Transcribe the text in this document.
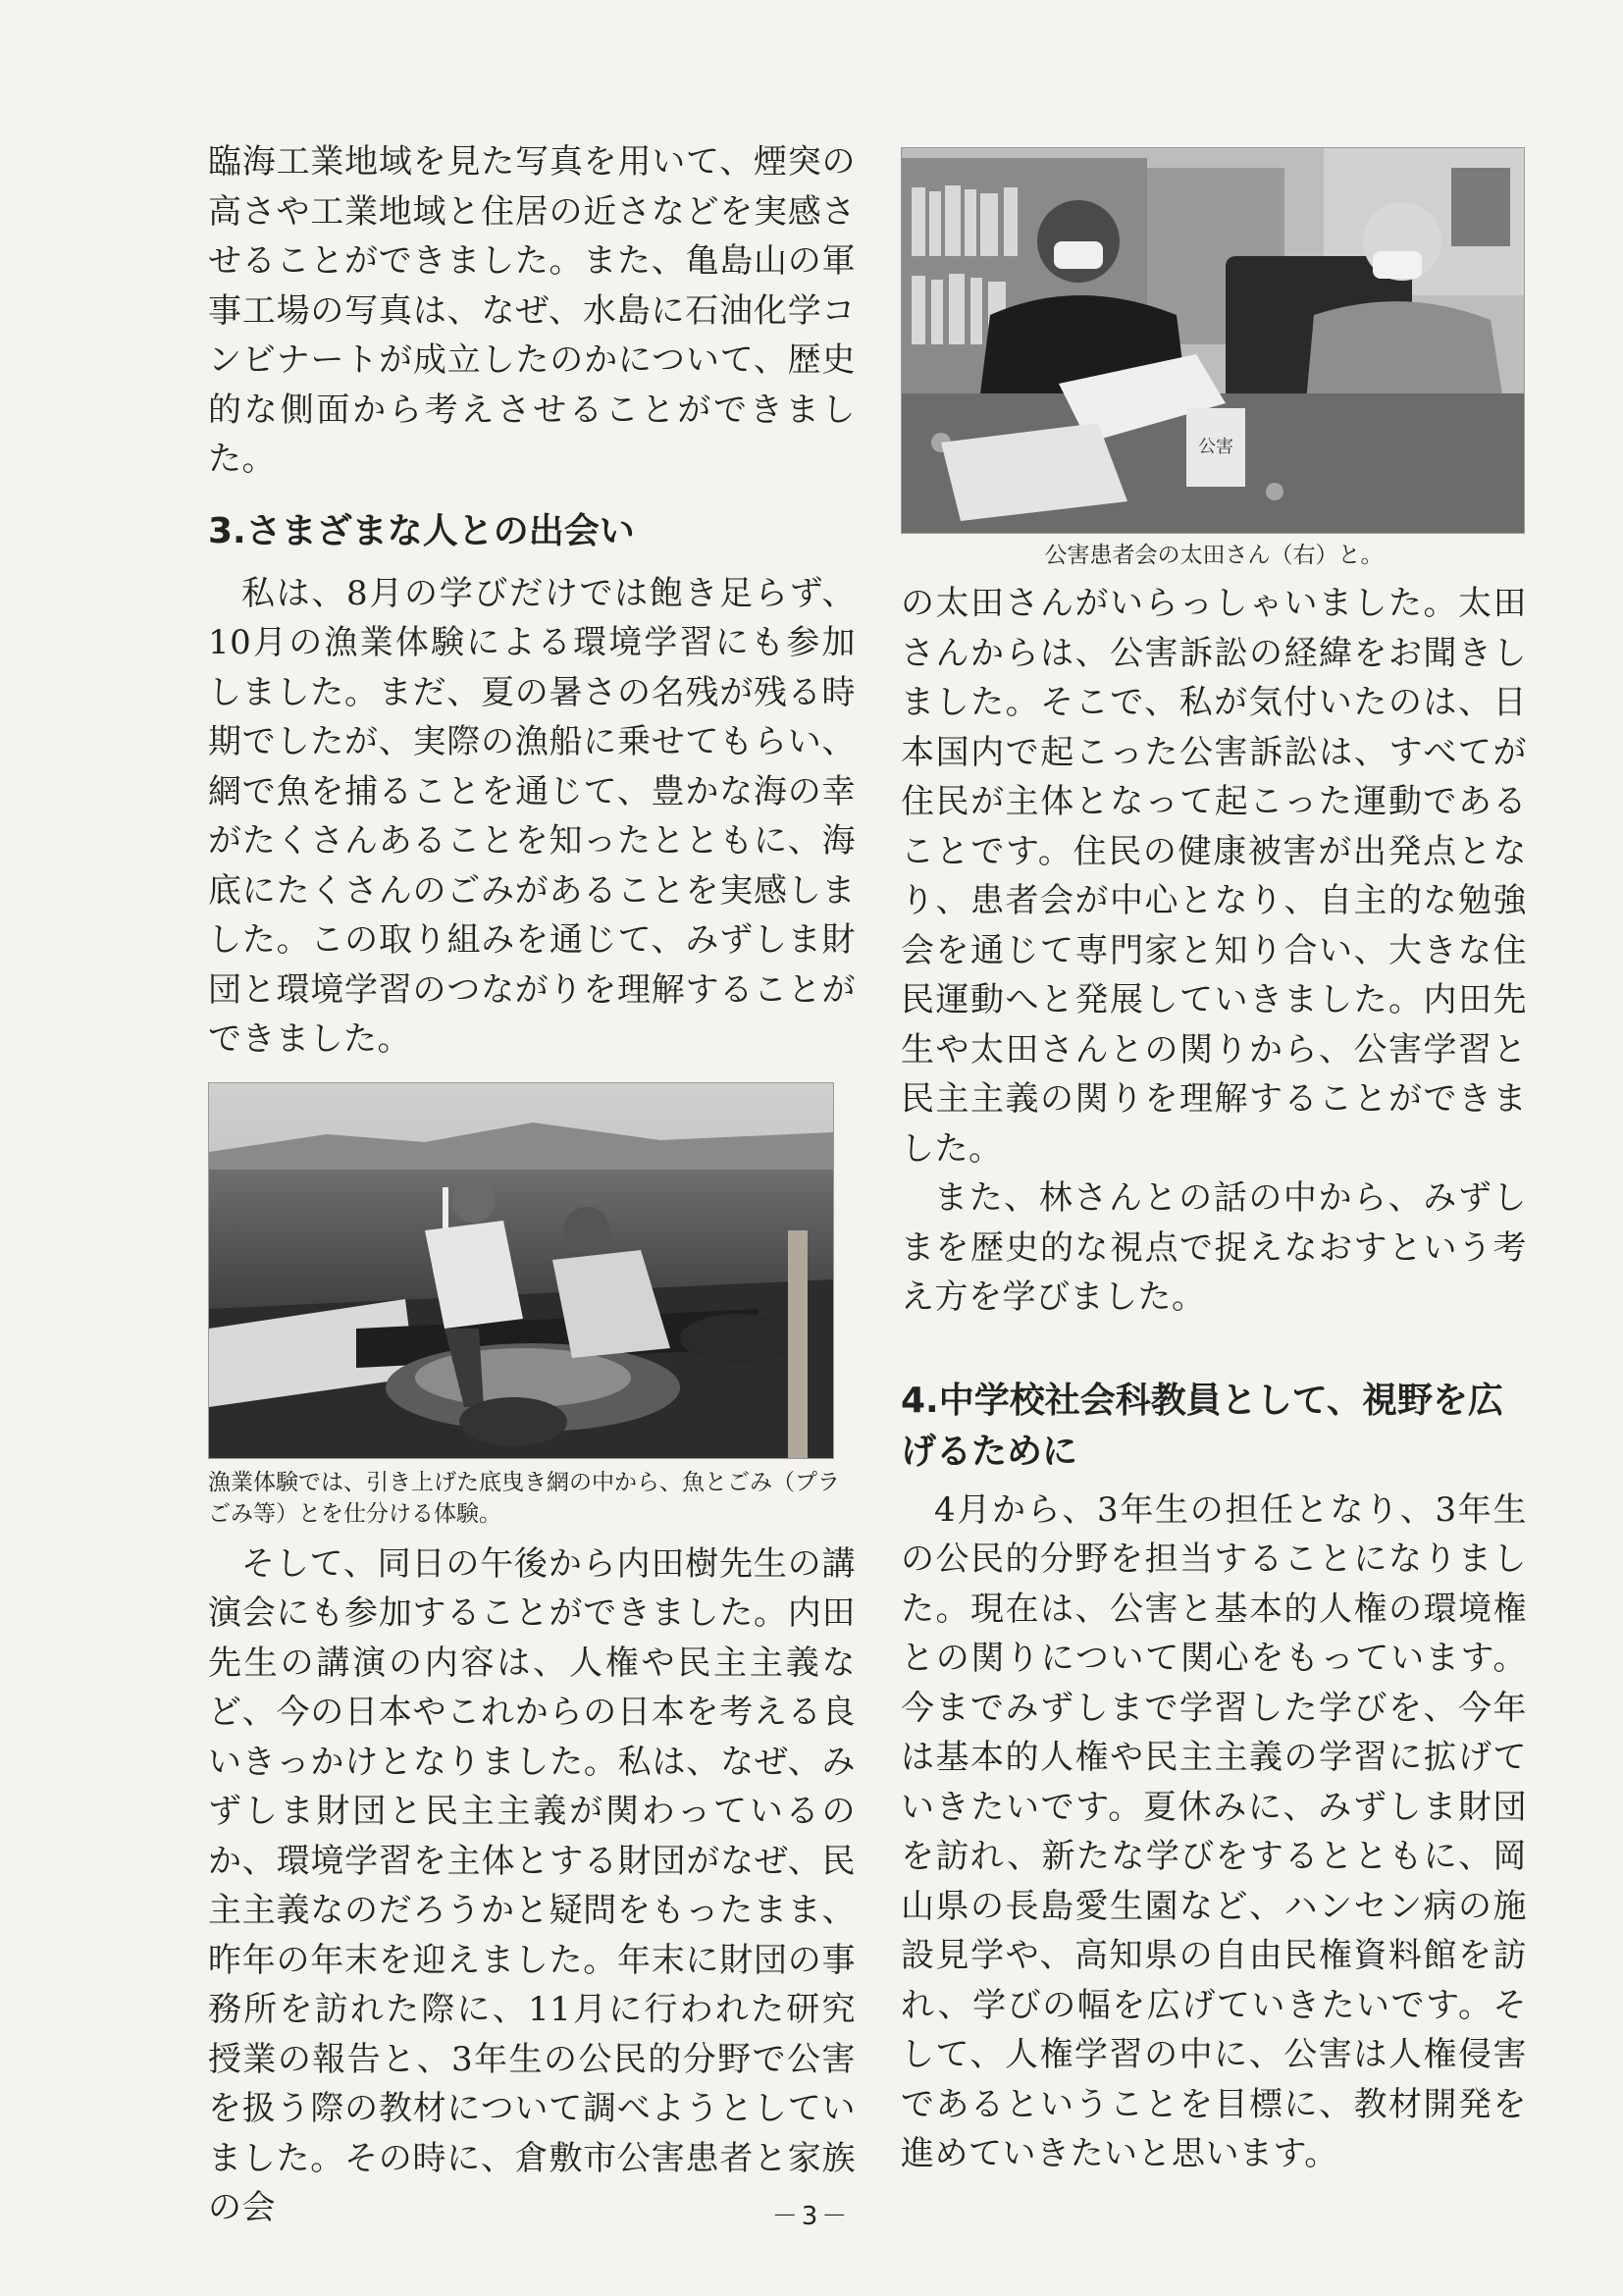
臨海工業地域を見た写真を用いて、煙突の高さや工業地域と住居の近さなどを実感させることができました。また、亀島山の軍事工場の写真は、なぜ、水島に石油化学コンビナートが成立したのかについて、歴史的な側面から考えさせることができました。

3.さまざまな人との出会い

私は、8月の学びだけでは飽き足らず、10月の漁業体験による環境学習にも参加しました。まだ、夏の暑さの名残が残る時期でしたが、実際の漁船に乗せてもらい、網で魚を捕ることを通じて、豊かな海の幸がたくさんあることを知ったとともに、海底にたくさんのごみがあることを実感しました。この取り組みを通じて、みずしま財団と環境学習のつながりを理解することができました。

漁業体験では、引き上げた底曳き網の中から、魚とごみ（プラごみ等）とを仕分ける体験。

そして、同日の午後から内田樹先生の講演会にも参加することができました。内田先生の講演の内容は、人権や民主主義など、今の日本やこれからの日本を考える良いきっかけとなりました。私は、なぜ、みずしま財団と民主主義が関わっているのか、環境学習を主体とする財団がなぜ、民主主義なのだろうかと疑問をもったまま、昨年の年末を迎えました。年末に財団の事務所を訪れた際に、11月に行われた研究授業の報告と、3年生の公民的分野で公害を扱う際の教材について調べようとしていました。その時に、倉敷市公害患者と家族の会

公害
公害患者会の太田さん（右）と。

の太田さんがいらっしゃいました。太田さんからは、公害訴訟の経緯をお聞きしました。そこで、私が気付いたのは、日本国内で起こった公害訴訟は、すべてが住民が主体となって起こった運動であることです。住民の健康被害が出発点となり、患者会が中心となり、自主的な勉強会を通じて専門家と知り合い、大きな住民運動へと発展していきました。内田先生や太田さんとの関りから、公害学習と民主主義の関りを理解することができました。

また、林さんとの話の中から、みずしまを歴史的な視点で捉えなおすという考え方を学びました。

4.中学校社会科教員として、視野を広げるために

4月から、3年生の担任となり、3年生の公民的分野を担当することになりました。現在は、公害と基本的人権の環境権との関りについて関心をもっています。今までみずしまで学習した学びを、今年は基本的人権や民主主義の学習に拡げていきたいです。夏休みに、みずしま財団を訪れ、新たな学びをするとともに、岡山県の長島愛生園など、ハンセン病の施設見学や、高知県の自由民権資料館を訪れ、学びの幅を広げていきたいです。そして、人権学習の中に、公害は人権侵害であるということを目標に、教材開発を進めていきたいと思います。

－3－
